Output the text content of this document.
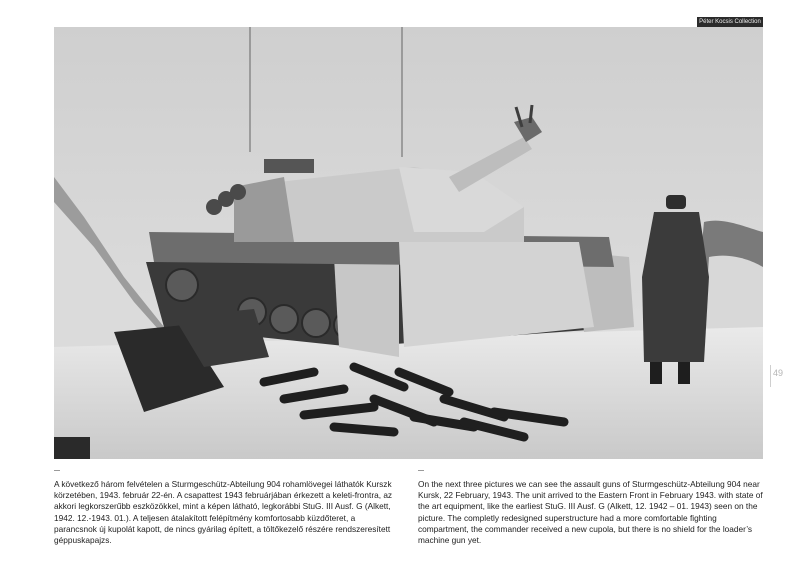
Péter Kocsis Collection
49
A következő három felvételen a Sturmgeschütz-Abteilung 904 rohamlövegei láthatók Kurszk körzetében, 1943. február 22-én. A csapattest 1943 februárjában érkezett a keleti-frontra, az akkori legkorszerűbb eszközökkel, mint a képen látható, legkorábbi StuG. III Ausf. G (Alkett, 1942. 12.-1943. 01.). A teljesen átalakított felépítmény komfortosabb küzdőteret, a parancsnok új kupolát kapott, de nincs gyárilag épített, a töltőkezelő részére rendszeresített géppuskapajzs.
On the next three pictures we can see the assault guns of Sturmgeschütz-Abteilung 904 near Kursk, 22 February, 1943. The unit arrived to the Eastern Front in February 1943. with state of the art equipment, like the earliest StuG. III Ausf. G (Alkett, 12. 1942 – 01. 1943) seen on the picture. The completly redesigned superstructure had a more comfortable fighting compartment, the commander received a new cupola, but there is no shield for the loader’s machine gun yet.
